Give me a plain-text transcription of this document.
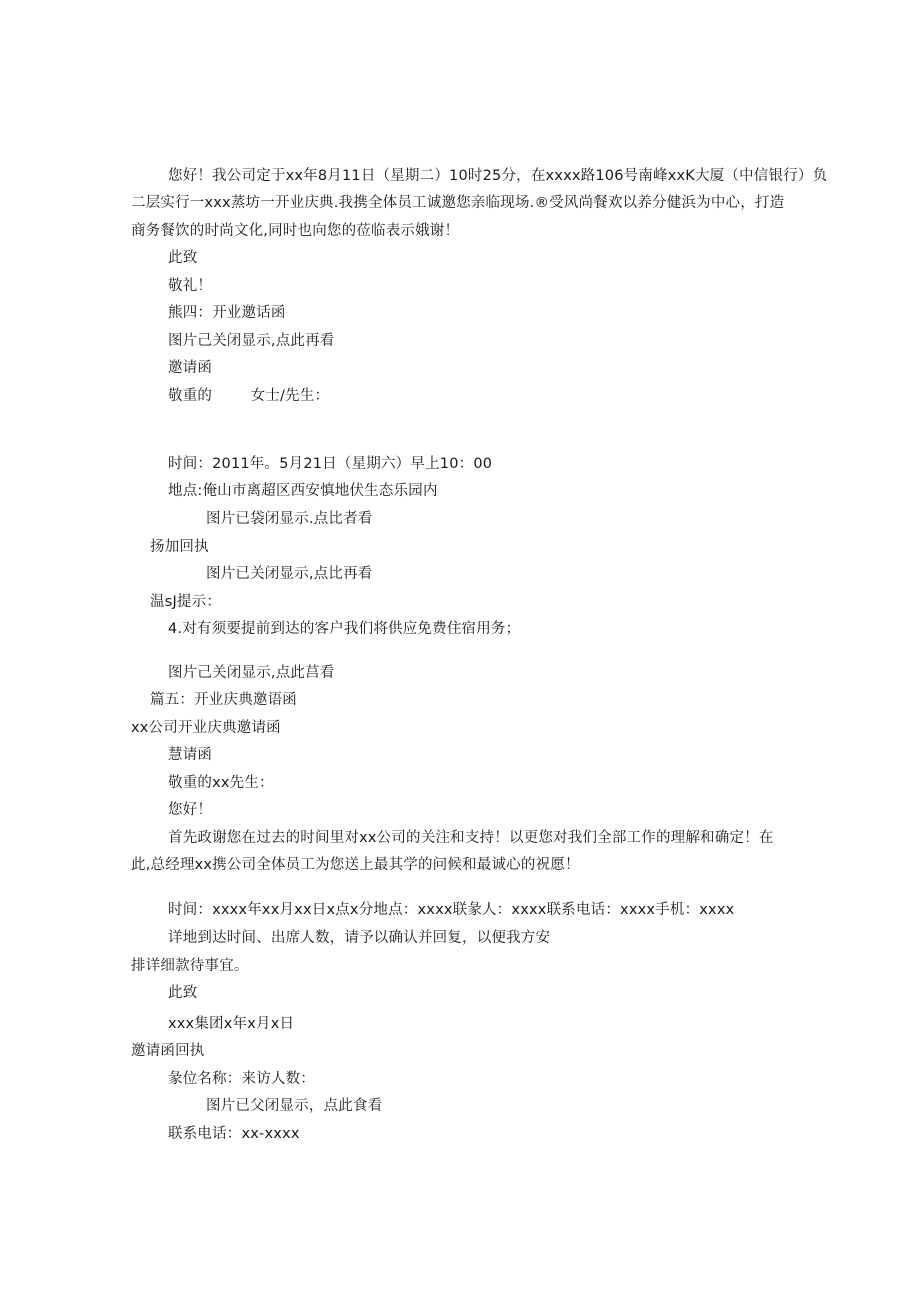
您好！我公司定于xx年8月11日（星期二）10时25分，在xxxx路106号南峰xxK大厦（中信银行）负
二层实行一xxx蒸坊一开业庆典.我携全体员工诚邀您亲临现场.®受风尚餐欢以养分健浜为中心，打造
商务餐饮的时尚文化,同时也向您的莅临表示娥谢！
此致
敬礼！
熊四：开业邀话函
图片己关闭显示,点此再看
邀请函
敬重的        女士/先生：
时间：2011年。5月21日（星期六）早上10：00
地点:俺山市离超区西安慎地伏生态乐园内
图片已袋闭显示.点比者看
扬加回执
图片已关闭显示,点比再看
温sJ提示：
4.对有须要提前到达的客户我们将供应免费住宿用务；
图片己关闭显示,点此莒看
篇五：开业庆典邀语函
xx公司开业庆典邀请函
慧请函
敬重的xx先生：
您好！
首先政谢您在过去的时间里对xx公司的关注和支持！以更您对我们全部工作的理解和确定！在
此,总经理xx携公司全体员工为您送上最其学的问候和最诚心的祝愿！
时间：xxxx年xx月xx日x点x分地点：xxxx联彖人：xxxx联系电话：xxxx手机：xxxx
详地到达时间、出席人数，请予以确认并回复，以便我方安
排详细款待事宜。
此致
xxx集团x年x月x日
邀请函回执
彖位名称：来访人数：
图片已父闭显示，点此食看
联系电话：xx-xxxx
